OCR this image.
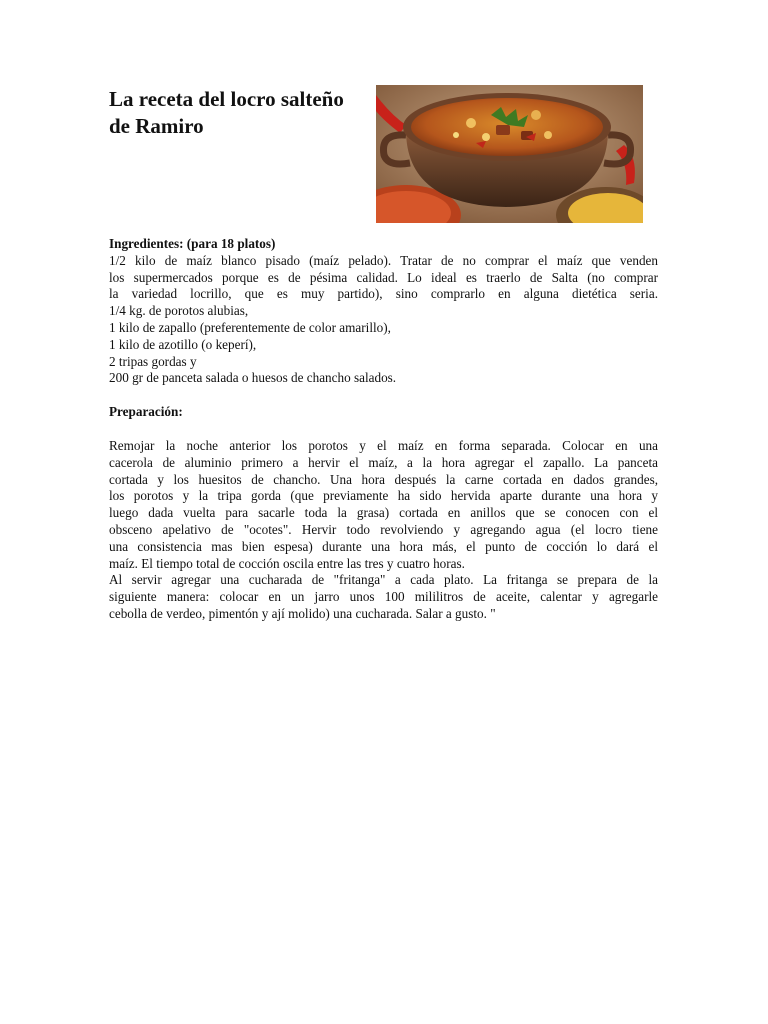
La receta del locro salteño
de Ramiro
Ingredientes: (para 18 platos)
1/2 kilo de maíz blanco pisado (maíz pelado). Tratar de no comprar el maíz que venden
los supermercados porque es de pésima calidad. Lo ideal es traerlo de Salta (no comprar
la variedad locrillo, que es muy partido), sino comprarlo en alguna dietética seria.
1/4 kg. de porotos alubias,
1 kilo de zapallo (preferentemente de color amarillo),
1 kilo de azotillo (o keperí),
2 tripas gordas y
200 gr de panceta salada o huesos de chancho salados.
Preparación:
Remojar la noche anterior los porotos y el maíz en forma separada. Colocar en una
cacerola de aluminio primero a hervir el maíz, a la hora agregar el zapallo. La panceta
cortada y los huesitos de chancho. Una hora después la carne cortada en dados grandes,
los porotos y la tripa gorda (que previamente ha sido hervida aparte durante una hora y
luego dada vuelta para sacarle toda la grasa) cortada en anillos que se conocen con el
obsceno apelativo de "ocotes". Hervir todo revolviendo y agregando agua (el locro tiene
una consistencia mas bien espesa) durante una hora más, el punto de cocción lo dará el
maíz. El tiempo total de cocción oscila entre las tres y cuatro horas.
Al servir agregar una cucharada de "fritanga" a cada plato. La fritanga se prepara de la
siguiente manera: colocar en un jarro unos 100 mililitros de aceite, calentar y agregarle
cebolla de verdeo, pimentón y ají molido) una cucharada. Salar a gusto. "
